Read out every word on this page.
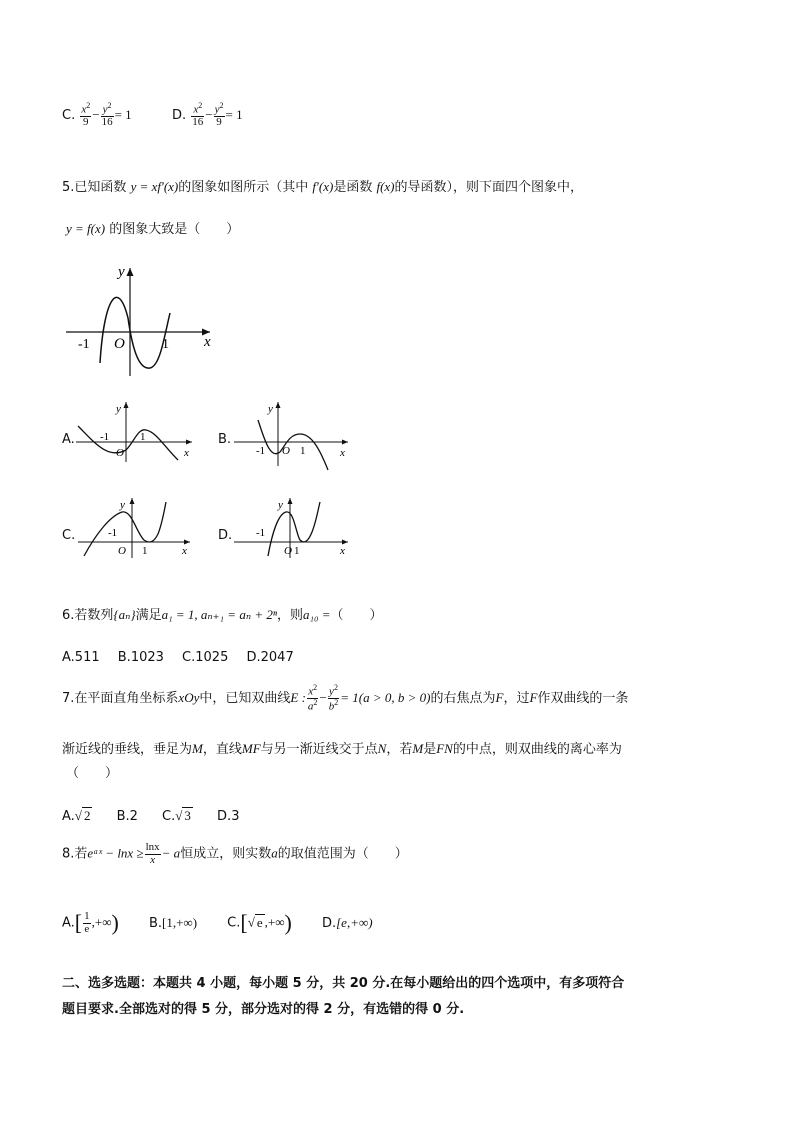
C. $\frac{x^2}{9} - \frac{y^2}{16} = 1$	D. $\frac{x^2}{16} - \frac{y^2}{9} = 1$
5.已知函数 y = xf′(x)的图象如图所示（其中 f′(x)是函数 f(x)的导函数），则下面四个图象中，
y = f(x) 的图象大致是（　　）
y
x
O
-1	1
A.
y
x
O
-1	1	B.
y
x
O
-1	1
C.
y
x
O
-1
1
D.
y
x
O
-1
1
6.若数列{aₙ}满足a₁ = 1, aₙ₊₁ = aₙ + 2ⁿ，则a₁₀ =（　　）
A.511 B.1023 C.1025 D.2047
7.在平面直角坐标系xOy中，已知双曲线E : $\frac{x^2}{a^2} - \frac{y^2}{b^2} = 1(a > 0$, b > 0)的右焦点为F，过F作双曲线的一条
渐近线的垂线，垂足为M，直线MF与另一渐近线交于点N，若M是FN的中点，则双曲线的离心率为
（　　）
A.√ 2 B.2 C.√ 3 D.3
8.若eᵃˣ − $\ln x \ge \frac{\ln x}{x} - a$恒成立，则实数a的取值范围为（　　）
$A.[ \frac{1}{e}$ ,+∞) B.[1,+∞) C.[√ e ,+∞) D.[e,+∞)
二、选多选题：本题共 4 小题，每小题 5 分，共 20 分.在每小题给出的四个选项中，有多项符合
题目要求.全部选对的得 5 分，部分选对的得 2 分，有选错的得 0 分.
